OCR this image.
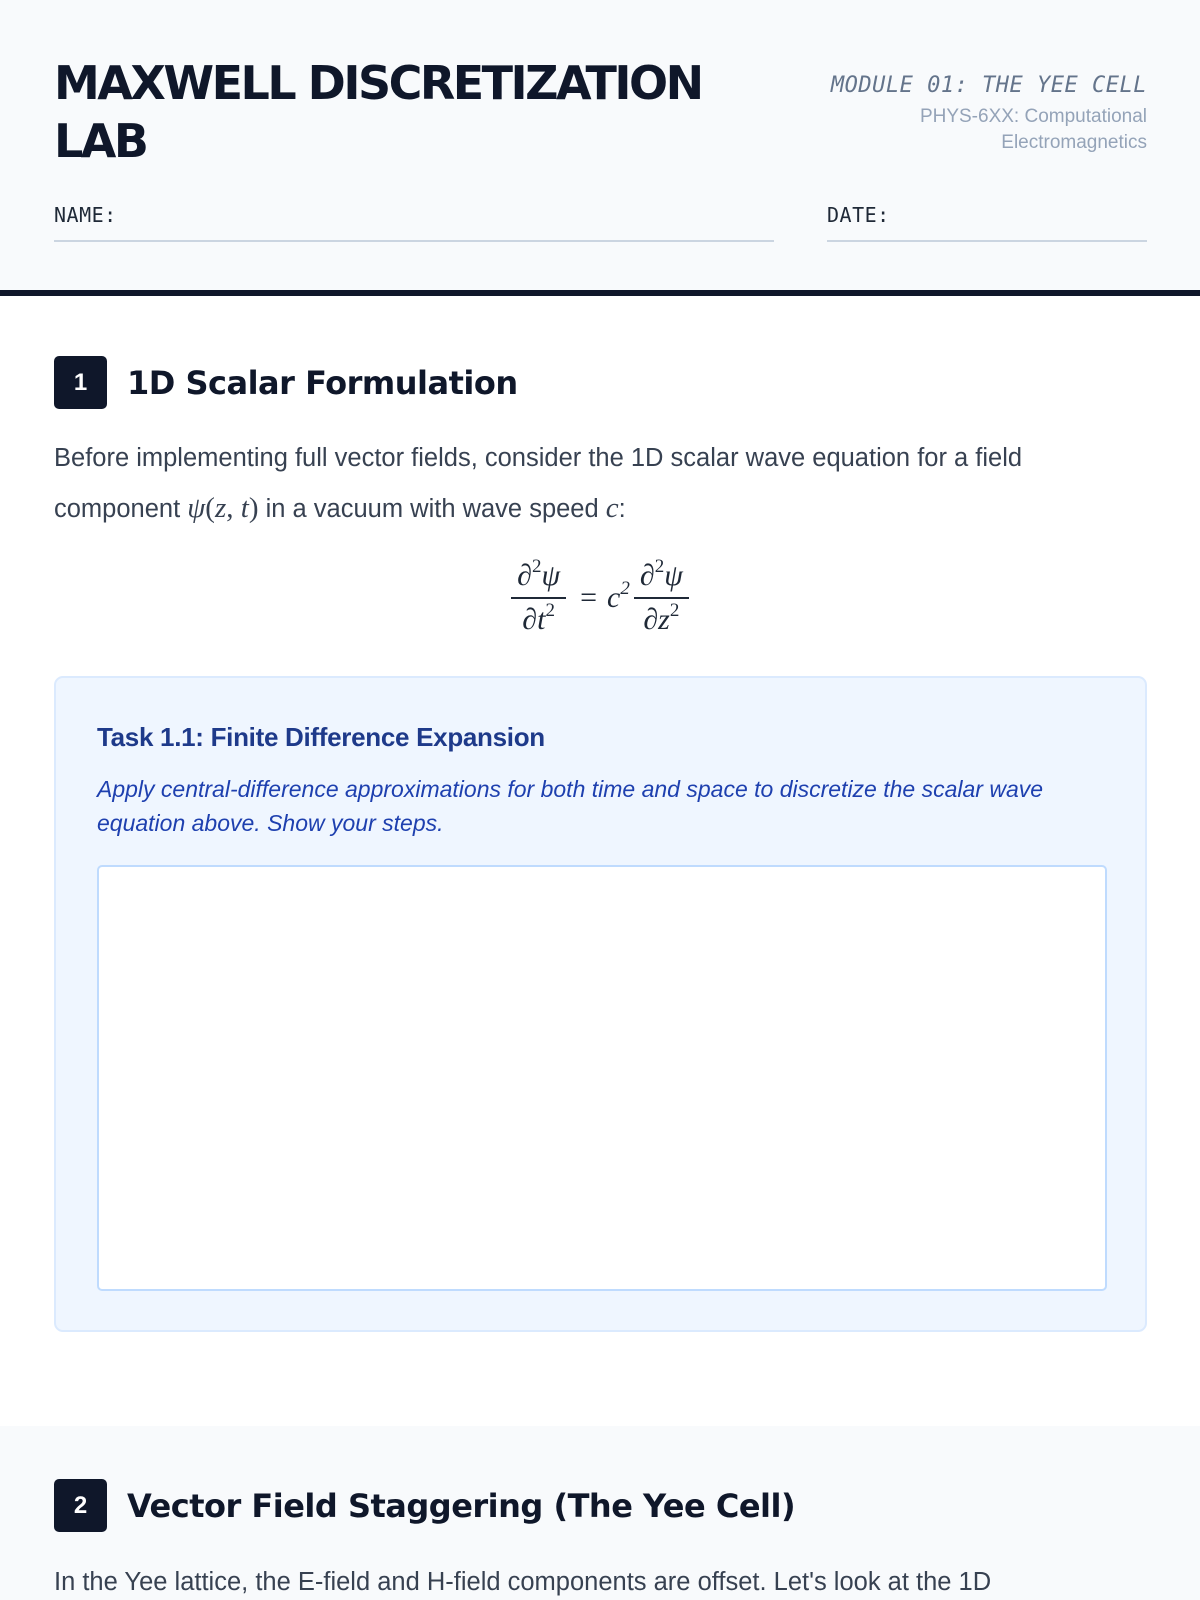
MAXWELL DISCRETIZATION LAB
MODULE 01: THE YEE CELL
PHYS-6XX: Computational Electromagnetics
NAME:	DATE:
1	1D Scalar Formulation

Before implementing full vector fields, consider the 1D scalar wave equation for a field component ψ(z, t) in a vacuum with wave speed c:

$\frac{\partial^2\psi}{\partial t^2} = c^2 \frac{\partial^2\psi}{\partial z^2}$
Task 1.1: Finite Difference Expansion

Apply central-difference approximations for both time and space to discretize the scalar wave equation above. Show your steps.

2	Vector Field Staggering (The Yee Cell)

In the Yee lattice, the E-field and H-field components are offset. Let's look at the 1D
